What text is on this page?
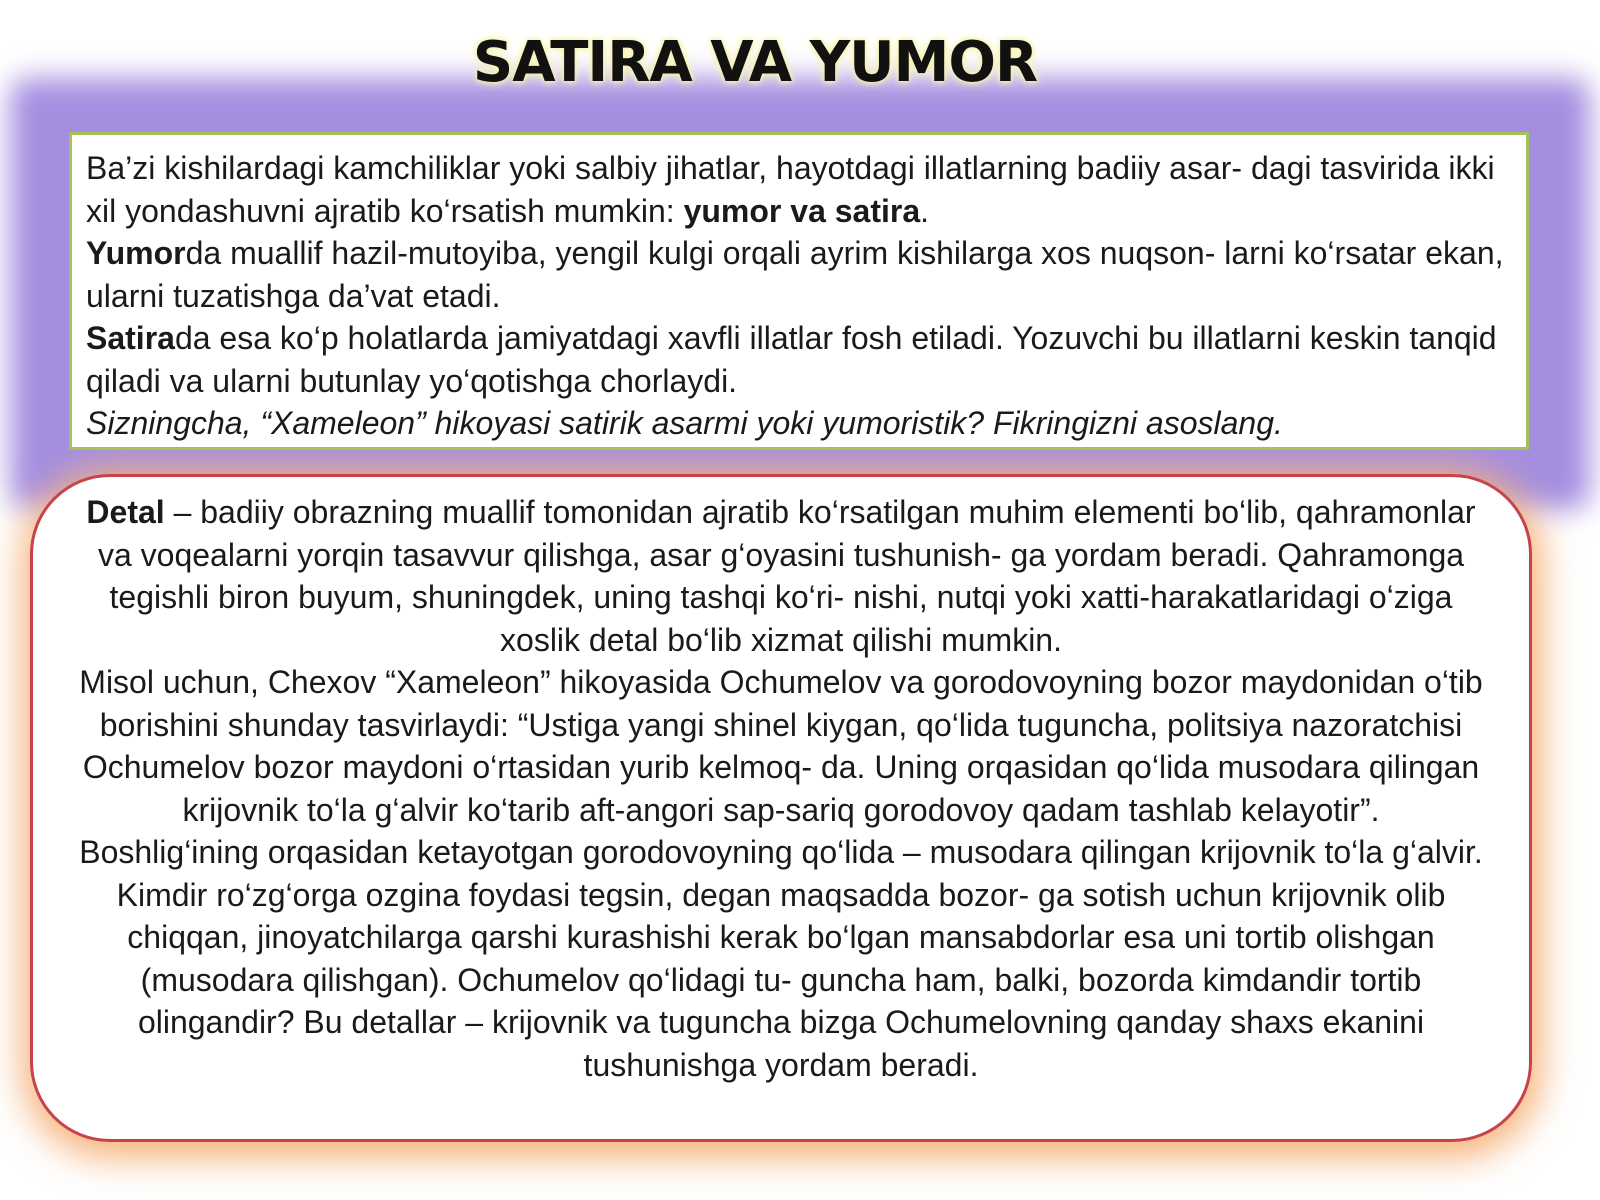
SATIRA VA YUMOR

Ba’zi kishilardagi kamchiliklar yoki salbiy jihatlar, hayotdagi illatlarning badiiy asar- dagi tasvirida ikki xil yondashuvni ajratib ko‘rsatish mumkin: yumor va satira.

Yumorda muallif hazil-mutoyiba, yengil kulgi orqali ayrim kishilarga xos nuqson- larni ko‘rsatar ekan, ularni tuzatishga da’vat etadi.

Satirada esa ko‘p holatlarda jamiyatdagi xavfli illatlar fosh etiladi. Yozuvchi bu illatlarni keskin tanqid qiladi va ularni butunlay yo‘qotishga chorlaydi.

Sizningcha, “Xameleon” hikoyasi satirik asarmi yoki yumoristik? Fikringizni asoslang.

Detal – badiiy obrazning muallif tomonidan ajratib ko‘rsatilgan muhim elementi bo‘lib, qahramonlar va voqealarni yorqin tasavvur qilishga, asar g‘oyasini tushunish- ga yordam beradi. Qahramonga tegishli biron buyum, shuningdek, uning tashqi ko‘ri- nishi, nutqi yoki xatti-harakatlaridagi o‘ziga xoslik detal bo‘lib xizmat qilishi mumkin.

Misol uchun, Chexov “Xameleon” hikoyasida Ochumelov va gorodovoyning bozor maydonidan o‘tib borishini shunday tasvirlaydi: “Ustiga yangi shinel kiygan, qo‘lida tuguncha, politsiya nazoratchisi Ochumelov bozor maydoni o‘rtasidan yurib kelmoq- da. Uning orqasidan qo‘lida musodara qilingan krijovnik to‘la g‘alvir ko‘tarib aft-angori sap-sariq gorodovoy qadam tashlab kelayotir”.

Boshlig‘ining orqasidan ketayotgan gorodovoyning qo‘lida – musodara qilingan krijovnik to‘la g‘alvir. Kimdir ro‘zg‘orga ozgina foydasi tegsin, degan maqsadda bozor- ga sotish uchun krijovnik olib chiqqan, jinoyatchilarga qarshi kurashishi kerak bo‘lgan mansabdorlar esa uni tortib olishgan (musodara qilishgan). Ochumelov qo‘lidagi tu- guncha ham, balki, bozorda kimdandir tortib olingandir? Bu detallar – krijovnik va tuguncha bizga Ochumelovning qanday shaxs ekanini tushunishga yordam beradi.
